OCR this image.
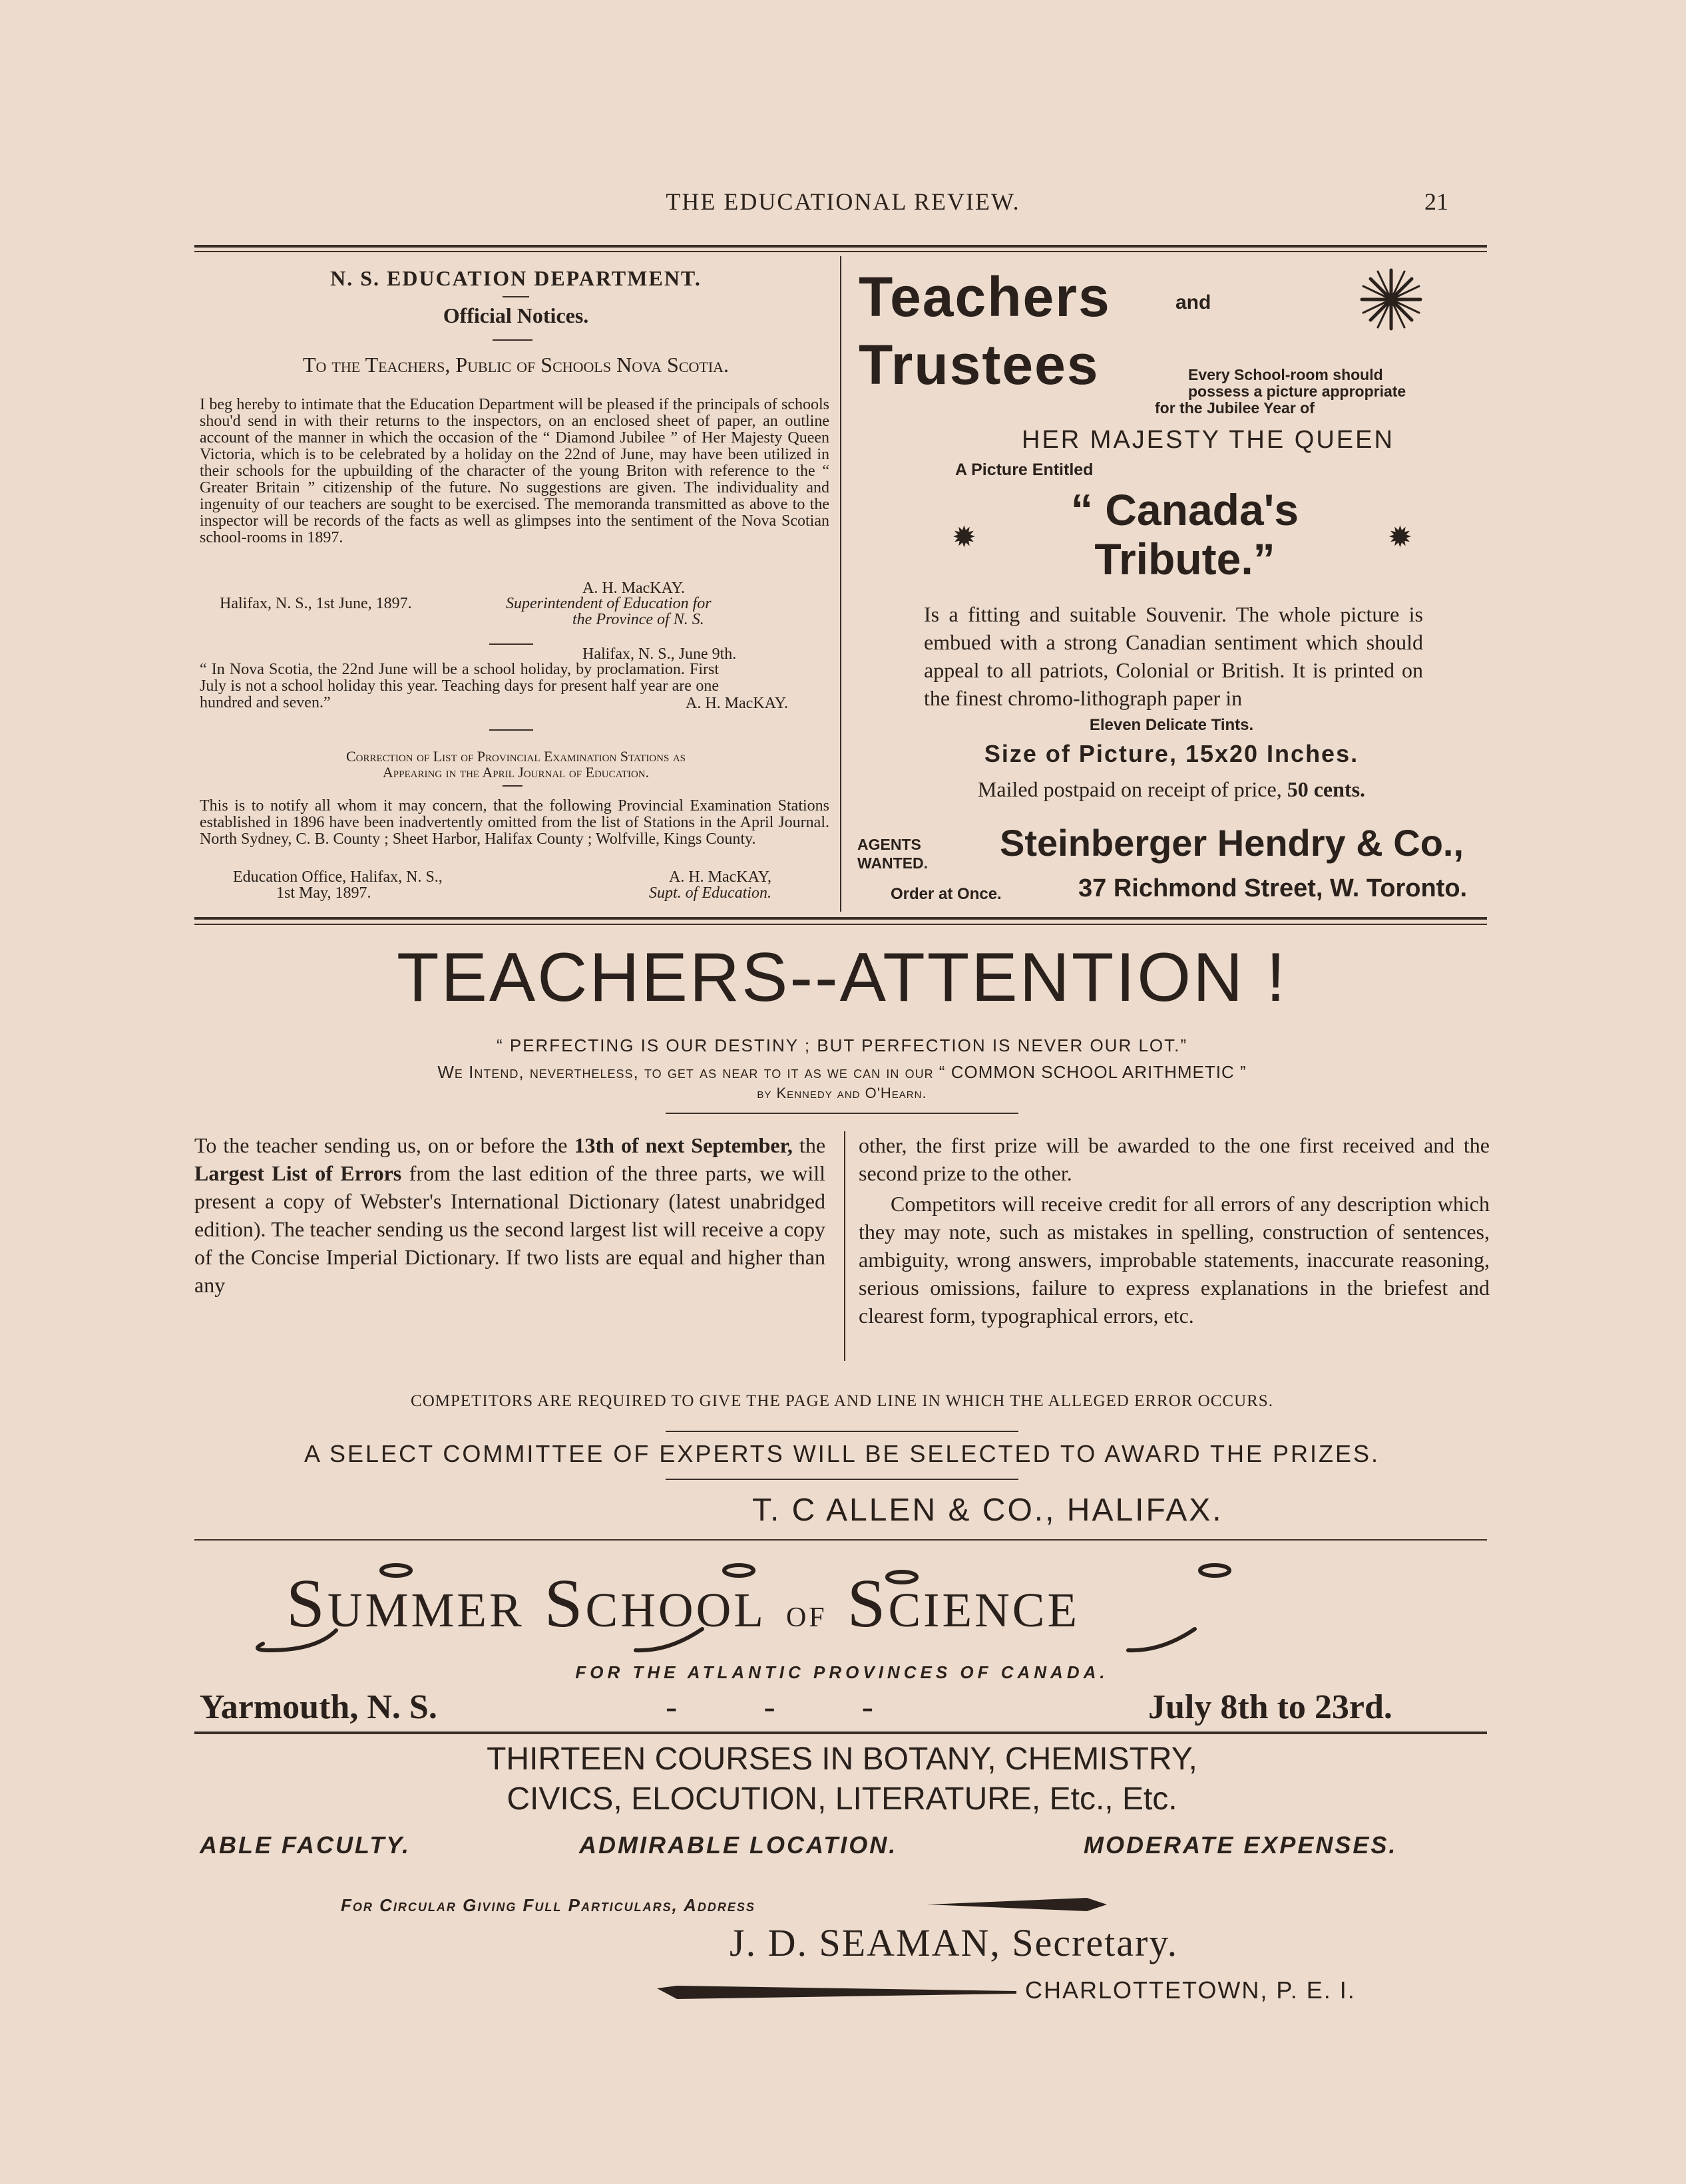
THE EDUCATIONAL REVIEW.	21
N. S. EDUCATION DEPARTMENT.
Official Notices.
To the Teachers, Public of Schools Nova Scotia.

I beg hereby to intimate that the Education Department will be pleased if the principals of schools shou'd send in with their returns to the inspectors, on an enclosed sheet of paper, an outline account of the manner in which the occasion of the “ Diamond Jubilee ” of Her Majesty Queen Victoria, which is to be celebrated by a holiday on the 22nd of June, may have been utilized in their schools for the upbuilding of the character of the young Briton with reference to the “ Greater Britain ” citizenship of the future. No suggestions are given. The individuality and ingenuity of our teachers are sought to be exercised. The memoranda transmitted as above to the inspector will be records of the facts as well as glimpses into the sentiment of the Nova Scotian school-rooms in 1897.

A. H. MacKAY.
Halifax, N. S., 1st June, 1897.	Superintendent of Education for
the Province of N. S.
Halifax, N. S., June 9th.

“ In Nova Scotia, the 22nd June will be a school holiday, by proclamation. First July is not a school holiday this year. Teaching days for present half year are one hundred and seven.”	A. H. MacKAY.
Correction of List of Provincial Examination Stations as
Appearing in the April Journal of Education.

This is to notify all whom it may concern, that the following Provincial Examination Stations established in 1896 have been inadvertently omitted from the list of Stations in the April Journal. North Sydney, C. B. County ; Sheet Harbor, Halifax County ; Wolfville, Kings County.

Education Office, Halifax, N. S.,	A. H. MacKAY,
1st May, 1897.	Supt. of Education.
Teachers	and
Trustees	Every School-room should
possess a picture appropriate
for the Jubilee Year of
HER MAJESTY THE QUEEN
A Picture Entitled
✹
“ Canada's
Tribute.”	✹

Is a fitting and suitable Souvenir. The whole picture is embued with a strong Canadian sentiment which should appeal to all patriots, Colonial or British. It is printed on the finest chromo-lithograph paper in

Eleven Delicate Tints.
Size of Picture, 15x20 Inches.
Mailed postpaid on receipt of price, 50 cents.
AGENTS
WANTED.
Order at Once.
Steinberger Hendry & Co.,
37 Richmond Street, W. Toronto.
TEACHERS--ATTENTION !
“ PERFECTING IS OUR DESTINY ; BUT PERFECTION IS NEVER OUR LOT.”
We Intend, nevertheless, to get as near to it as we can in our “ COMMON SCHOOL ARITHMETIC ”
by Kennedy and O'Hearn.

To the teacher sending us, on or before the 13th of next September, the Largest List of Errors from the last edition of the three parts, we will present a copy of Webster's International Dictionary (latest unabridged edition). The teacher sending us the second largest list will receive a copy of the Concise Imperial Dictionary. If two lists are equal and higher than any

other, the first prize will be awarded to the one first received and the second prize to the other.

Competitors will receive credit for all errors of any description which they may note, such as mistakes in spelling, construction of sentences, ambiguity, wrong answers, improbable statements, inaccurate reasoning, serious omissions, failure to express explanations in the briefest and clearest form, typographical errors, etc.

COMPETITORS ARE REQUIRED TO GIVE THE PAGE AND LINE IN WHICH THE ALLEGED ERROR OCCURS.
A SELECT COMMITTEE OF EXPERTS WILL BE SELECTED TO AWARD THE PRIZES.
T. C ALLEN & CO., HALIFAX.
Summer School of Science
FOR THE ATLANTIC PROVINCES OF CANADA.
Yarmouth, N. S.	-          -          -	July 8th to 23rd.
THIRTEEN COURSES IN BOTANY, CHEMISTRY,
CIVICS, ELOCUTION, LITERATURE, Etc., Etc.
ABLE FACULTY.	ADMIRABLE LOCATION.	MODERATE EXPENSES.
For Circular Giving Full Particulars, Address
J. D. SEAMAN, Secretary.
CHARLOTTETOWN, P. E. I.
